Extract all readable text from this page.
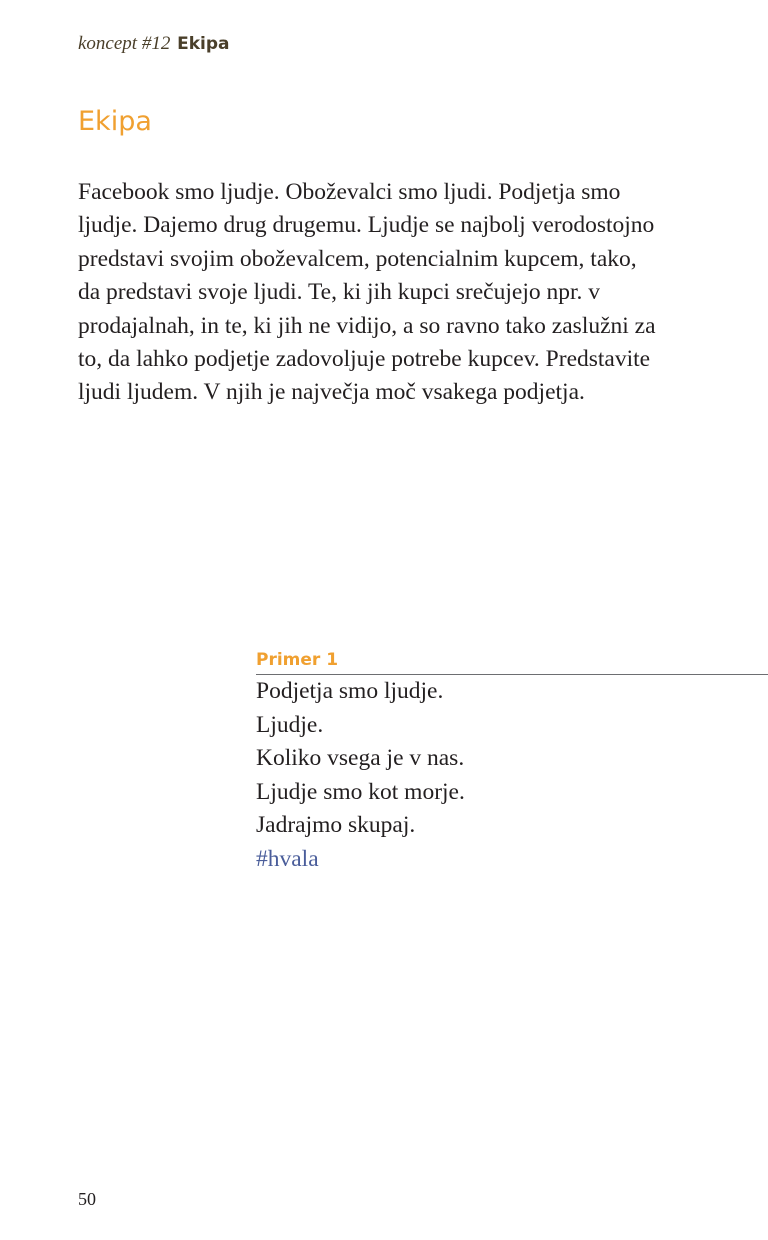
koncept #12 Ekipa
Ekipa

Facebook smo ljudje. Oboževalci smo ljudi. Podjetja smo
ljudje. Dajemo drug drugemu. Ljudje se najbolj verodostojno
predstavi svojim oboževalcem, potencialnim kupcem, tako,
da predstavi svoje ljudi. Te, ki jih kupci srečujejo npr. v
prodajalnah, in te, ki jih ne vidijo, a so ravno tako zaslužni za
to, da lahko podjetje zadovoljuje potrebe kupcev. Predstavite
ljudi ljudem. V njih je največja moč vsakega podjetja.

Primer 1
Podjetja smo ljudje.
Ljudje.
Koliko vsega je v nas.
Ljudje smo kot morje.
Jadrajmo skupaj.
#hvala
50
